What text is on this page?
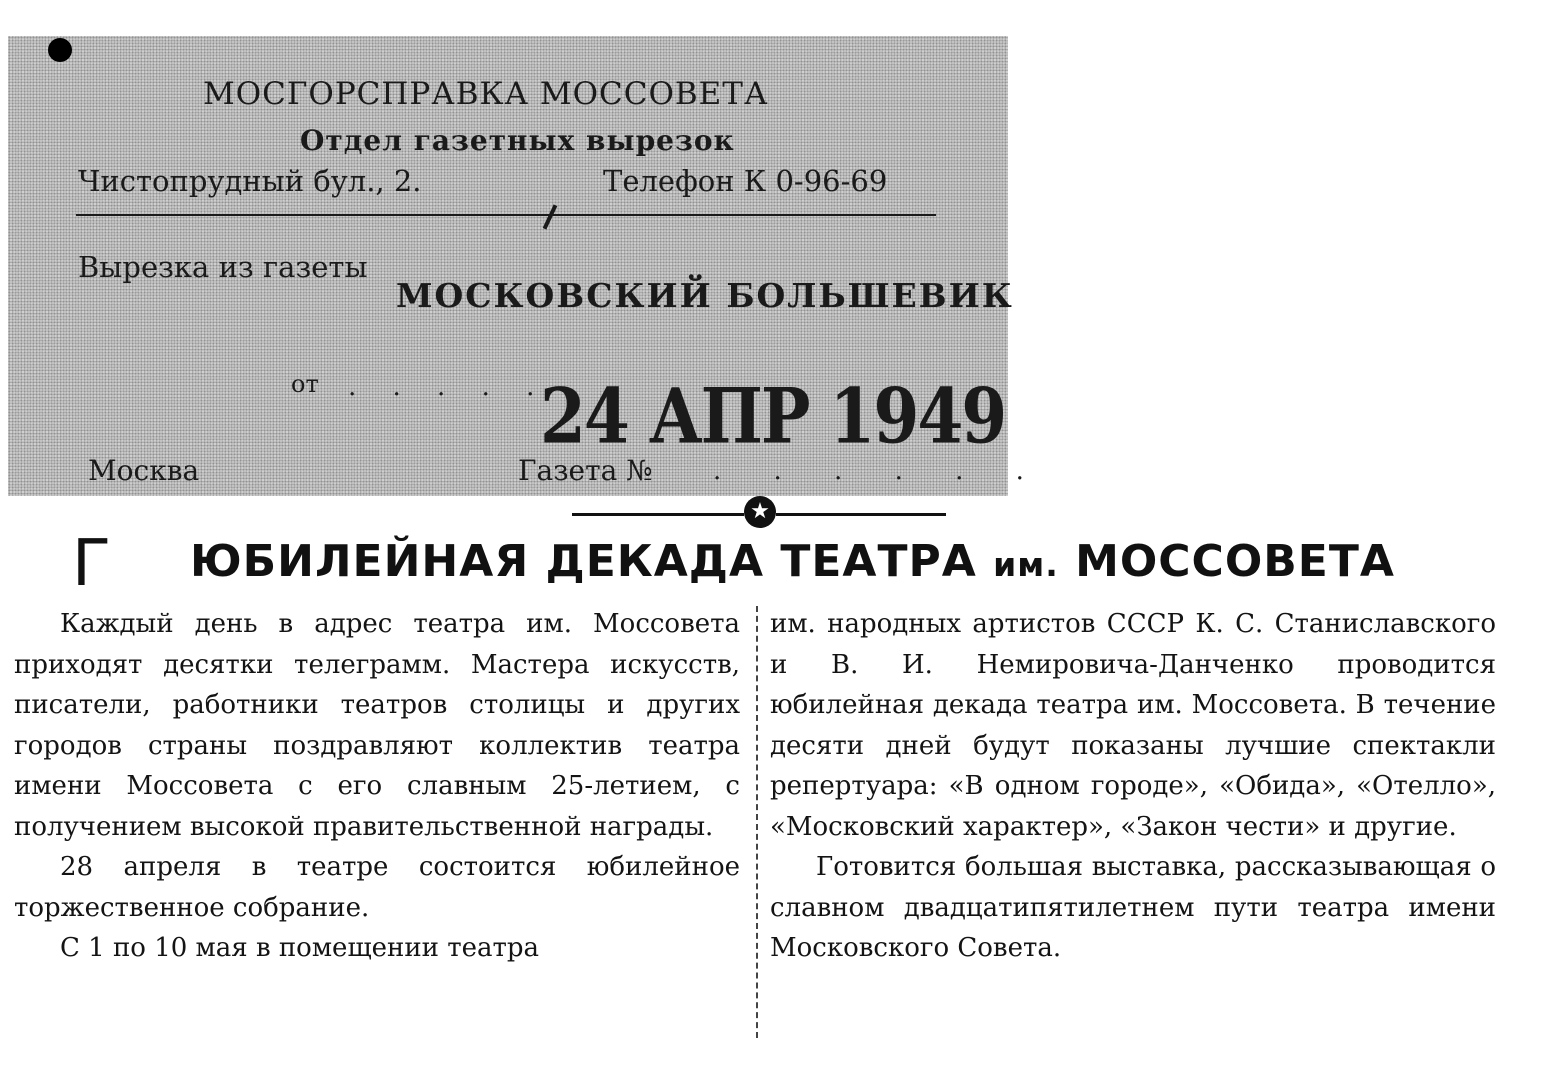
МОСГОРСПРАВКА МОССОВЕТА
Отдел газетных вырезок
Чистопрудный бул., 2.	Телефон К 0-96-69
Вырезка из газеты
МОСКОВСКИЙ БОЛЬШЕВИК
от . . . . . .
24 АПР 1949
Москва	Газета № . . . . . .
★
Γ ЮБИЛЕЙНАЯ ДЕКАДА ТЕАТРА им. МОССОВЕТА

Каждый день в адрес театра им. Моссовета приходят десятки телеграмм. Мастера искусств, писатели, работники театров столицы и других городов страны поздравляют коллектив театра имени Моссовета с его славным 25-летием, с получением высокой правительственной награды.

28 апреля в театре состоится юбилейное торжественное собрание.

С 1 по 10 мая в помещении театра

им. народных артистов СССР К. С. Станиславского и В. И. Немировича-Данченко проводится юбилейная декада театра им. Моссовета. В течение десяти дней будут показаны лучшие спектакли репертуара: «В одном городе», «Обида», «Отелло», «Московский характер», «Закон чести» и другие.

Готовится большая выставка, рассказывающая о славном двадцатипятилетнем пути театра имени Московского Совета.
